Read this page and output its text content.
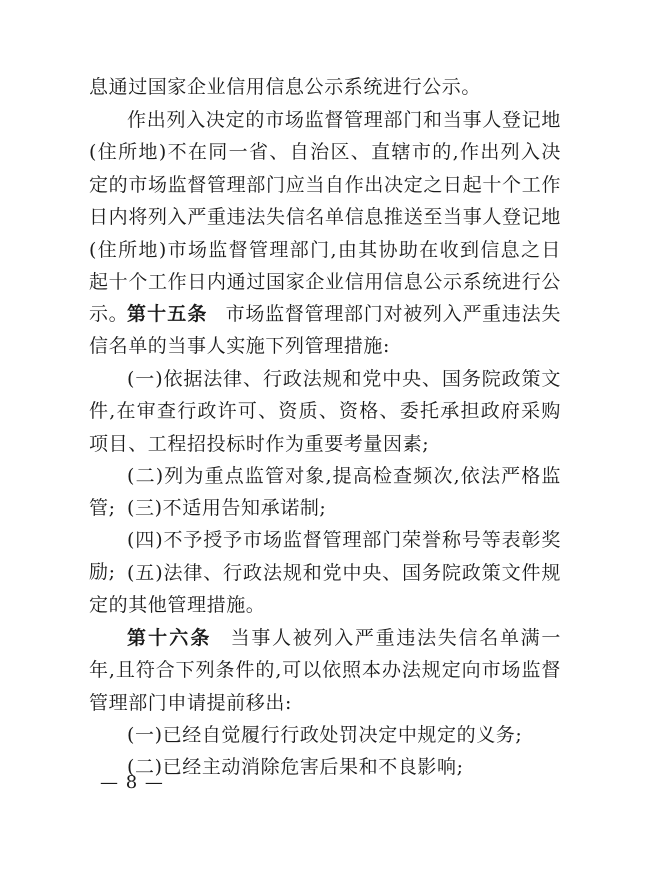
息通过国家企业信用信息公示系统进行公示。

作出列入决定的市场监督管理部门和当事人登记地(住所地)不在同一省、自治区、直辖市的,作出列入决定的市场监督管理部门应当自作出决定之日起十个工作日内将列入严重违法失信名单信息推送至当事人登记地(住所地)市场监督管理部门,由其协助在收到信息之日起十个工作日内通过国家企业信用信息公示系统进行公示。

第十五条 市场监督管理部门对被列入严重违法失信名单的当事人实施下列管理措施:

(一)依据法律、行政法规和党中央、国务院政策文件,在审查行政许可、资质、资格、委托承担政府采购项目、工程招投标时作为重要考量因素;

(二)列为重点监管对象,提高检查频次,依法严格监管; (三)不适用告知承诺制;

(四)不予授予市场监督管理部门荣誉称号等表彰奖励; (五)法律、行政法规和党中央、国务院政策文件规定的其他管理措施。

第十六条 当事人被列入严重违法失信名单满一年,且符合下列条件的,可以依照本办法规定向市场监督管理部门申请提前移出:

(一)已经自觉履行行政处罚决定中规定的义务;

(二)已经主动消除危害后果和不良影响;

— 8 —
